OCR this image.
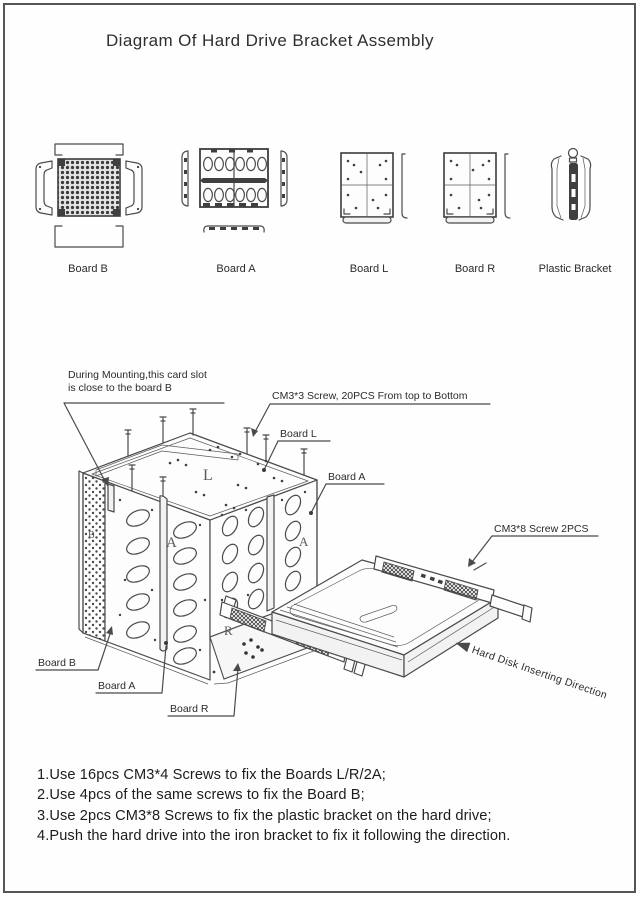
Diagram Of Hard Drive Bracket Assembly
Board B	Board A	Board L	Board R	Plastic Bracket
L
A	A
R
B
During Mounting,this card slot
is close to the board B
CM3*3 Screw, 20PCS From top to Bottom
Board L
Board A
CM3*8 Screw 2PCS
Board B
Board A
Board R
Hard Disk Inserting Direction
1.Use 16pcs CM3*4 Screws to fix the Boards L/R/2A;
2.Use 4pcs of the same screws to fix the Board B;
3.Use 2pcs CM3*8 Screws to fix the plastic bracket on the hard drive;
4.Push the hard drive into the iron bracket to fix it following the direction.
